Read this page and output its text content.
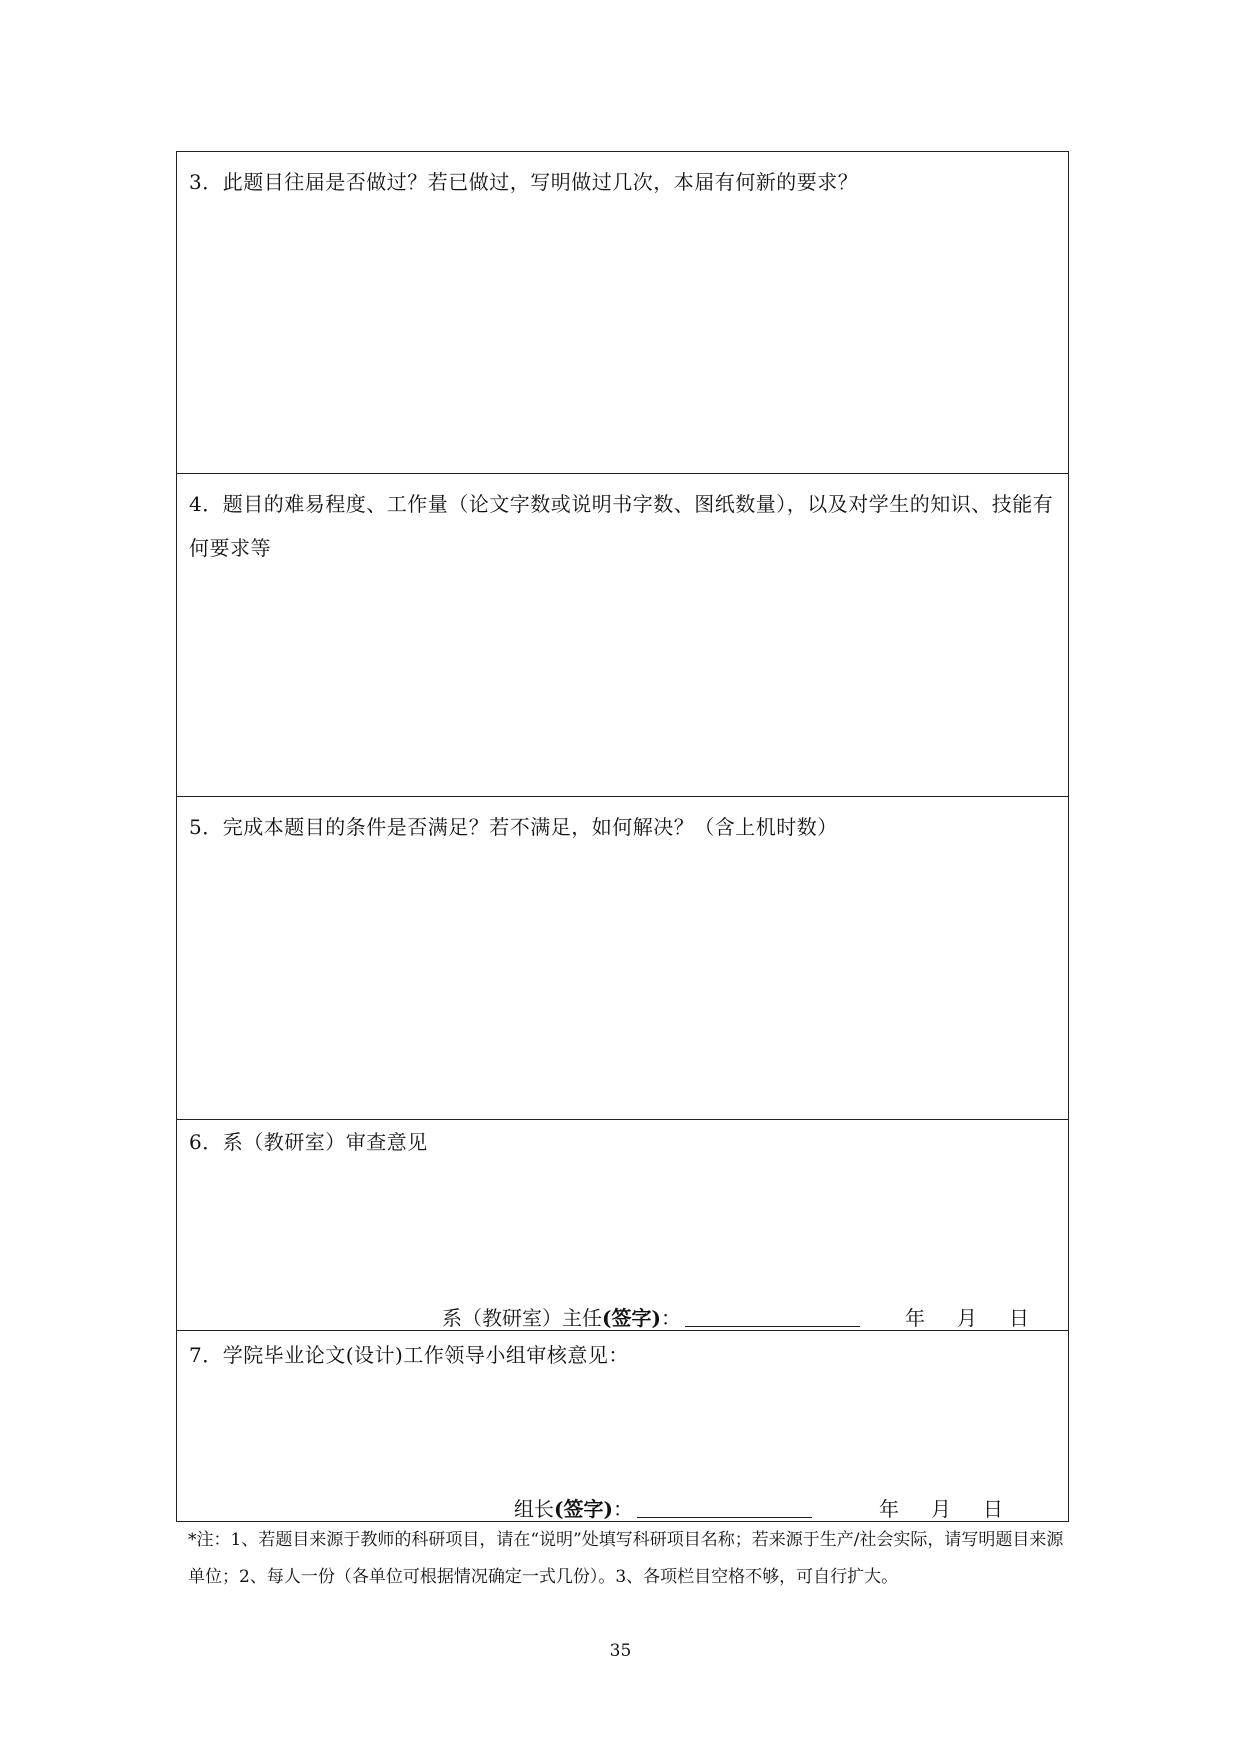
3．此题目往届是否做过？若已做过，写明做过几次，本届有何新的要求？
4．题目的难易程度、工作量（论文字数或说明书字数、图纸数量），以及对学生的知识、技能有何要求等
5．完成本题目的条件是否满足？若不满足，如何解决？（含上机时数）
6．系（教研室）审查意见
系（教研室）主任(签字)：	年 月 日
7．学院毕业论文(设计)工作领导小组审核意见：
组长(签字)：	年 月 日
*注：1、若题目来源于教师的科研项目，请在“说明”处填写科研项目名称；若来源于生产/社会实际，请写明题目来源单位；2、每人一份（各单位可根据情况确定一式几份）。3、各项栏目空格不够，可自行扩大。
35
